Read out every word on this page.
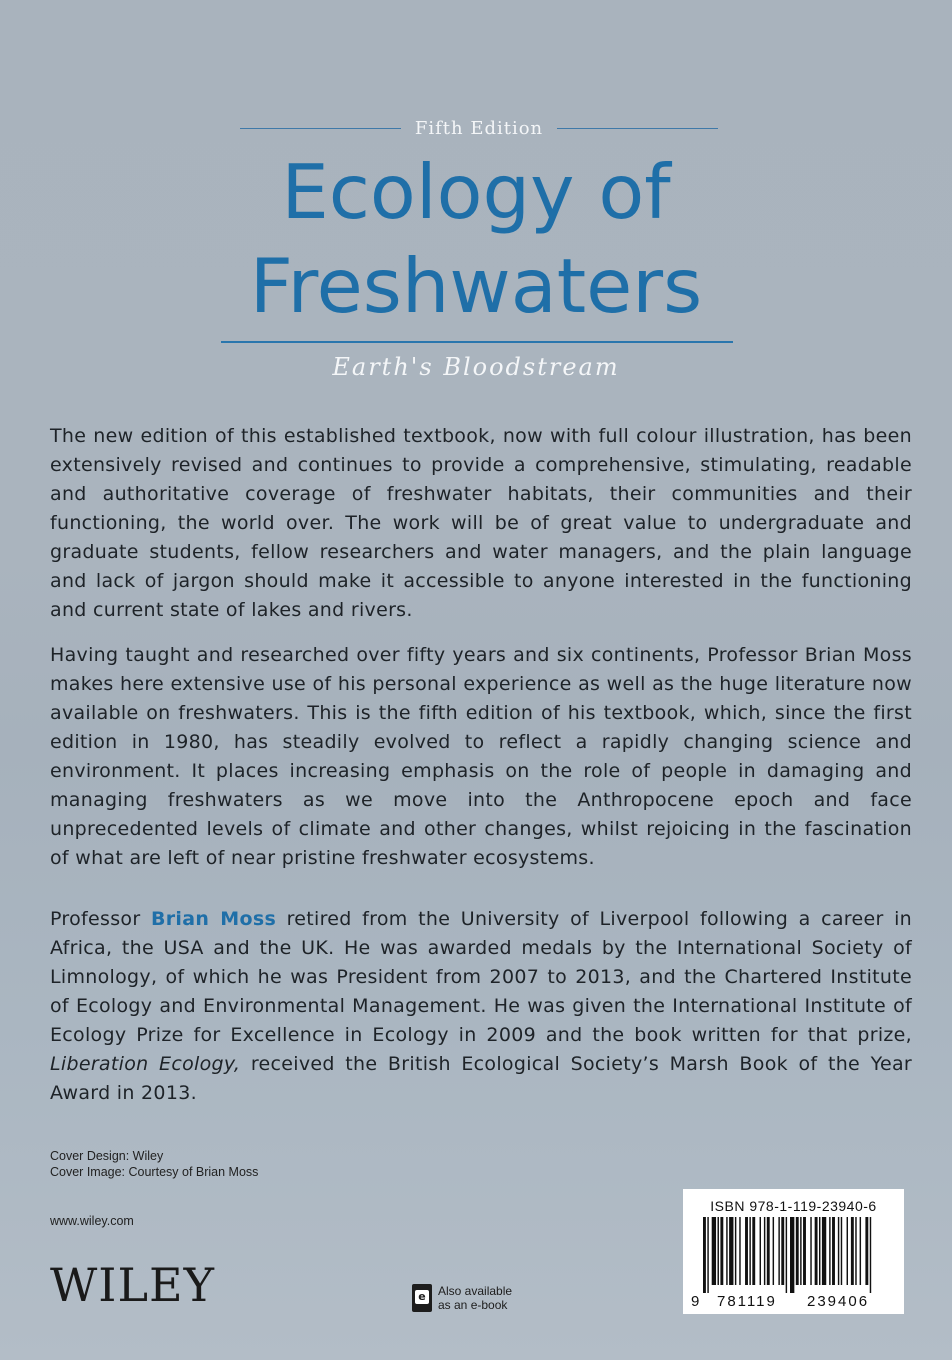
Fifth Edition
Ecology of
Freshwaters
Earth's Bloodstream

The new edition of this established textbook, now with full colour illustration, has been extensively revised and continues to provide a comprehensive, stimulating, readable and authoritative coverage of freshwater habitats, their communities and their functioning, the world over. The work will be of great value to undergraduate and graduate students, fellow researchers and water managers, and the plain language and lack of jargon should make it accessible to anyone interested in the functioning and current state of lakes and rivers.

Having taught and researched over fifty years and six continents, Professor Brian Moss makes here extensive use of his personal experience as well as the huge literature now available on freshwaters. This is the fifth edition of his textbook, which, since the first edition in 1980, has steadily evolved to reflect a rapidly changing science and environment. It places increasing emphasis on the role of people in damaging and managing freshwaters as we move into the Anthropocene epoch and face unprecedented levels of climate and other changes, whilst rejoicing in the fascination of what are left of near pristine freshwater ecosystems.

Professor Brian Moss retired from the University of Liverpool following a career in Africa, the USA and the UK. He was awarded medals by the International Society of Limnology, of which he was President from 2007 to 2013, and the Chartered Institute of Ecology and Environmental Management. He was given the International Institute of Ecology Prize for Excellence in Ecology in 2009 and the book written for that prize, Liberation Ecology, received the British Ecological Society’s Marsh Book of the Year Award in 2013.

Cover Design: Wiley
Cover Image: Courtesy of Brian Moss
www.wiley.com
WILEY
e	Also available
as an e-book
ISBN 978-1-119-23940-6
9 781119 239406
